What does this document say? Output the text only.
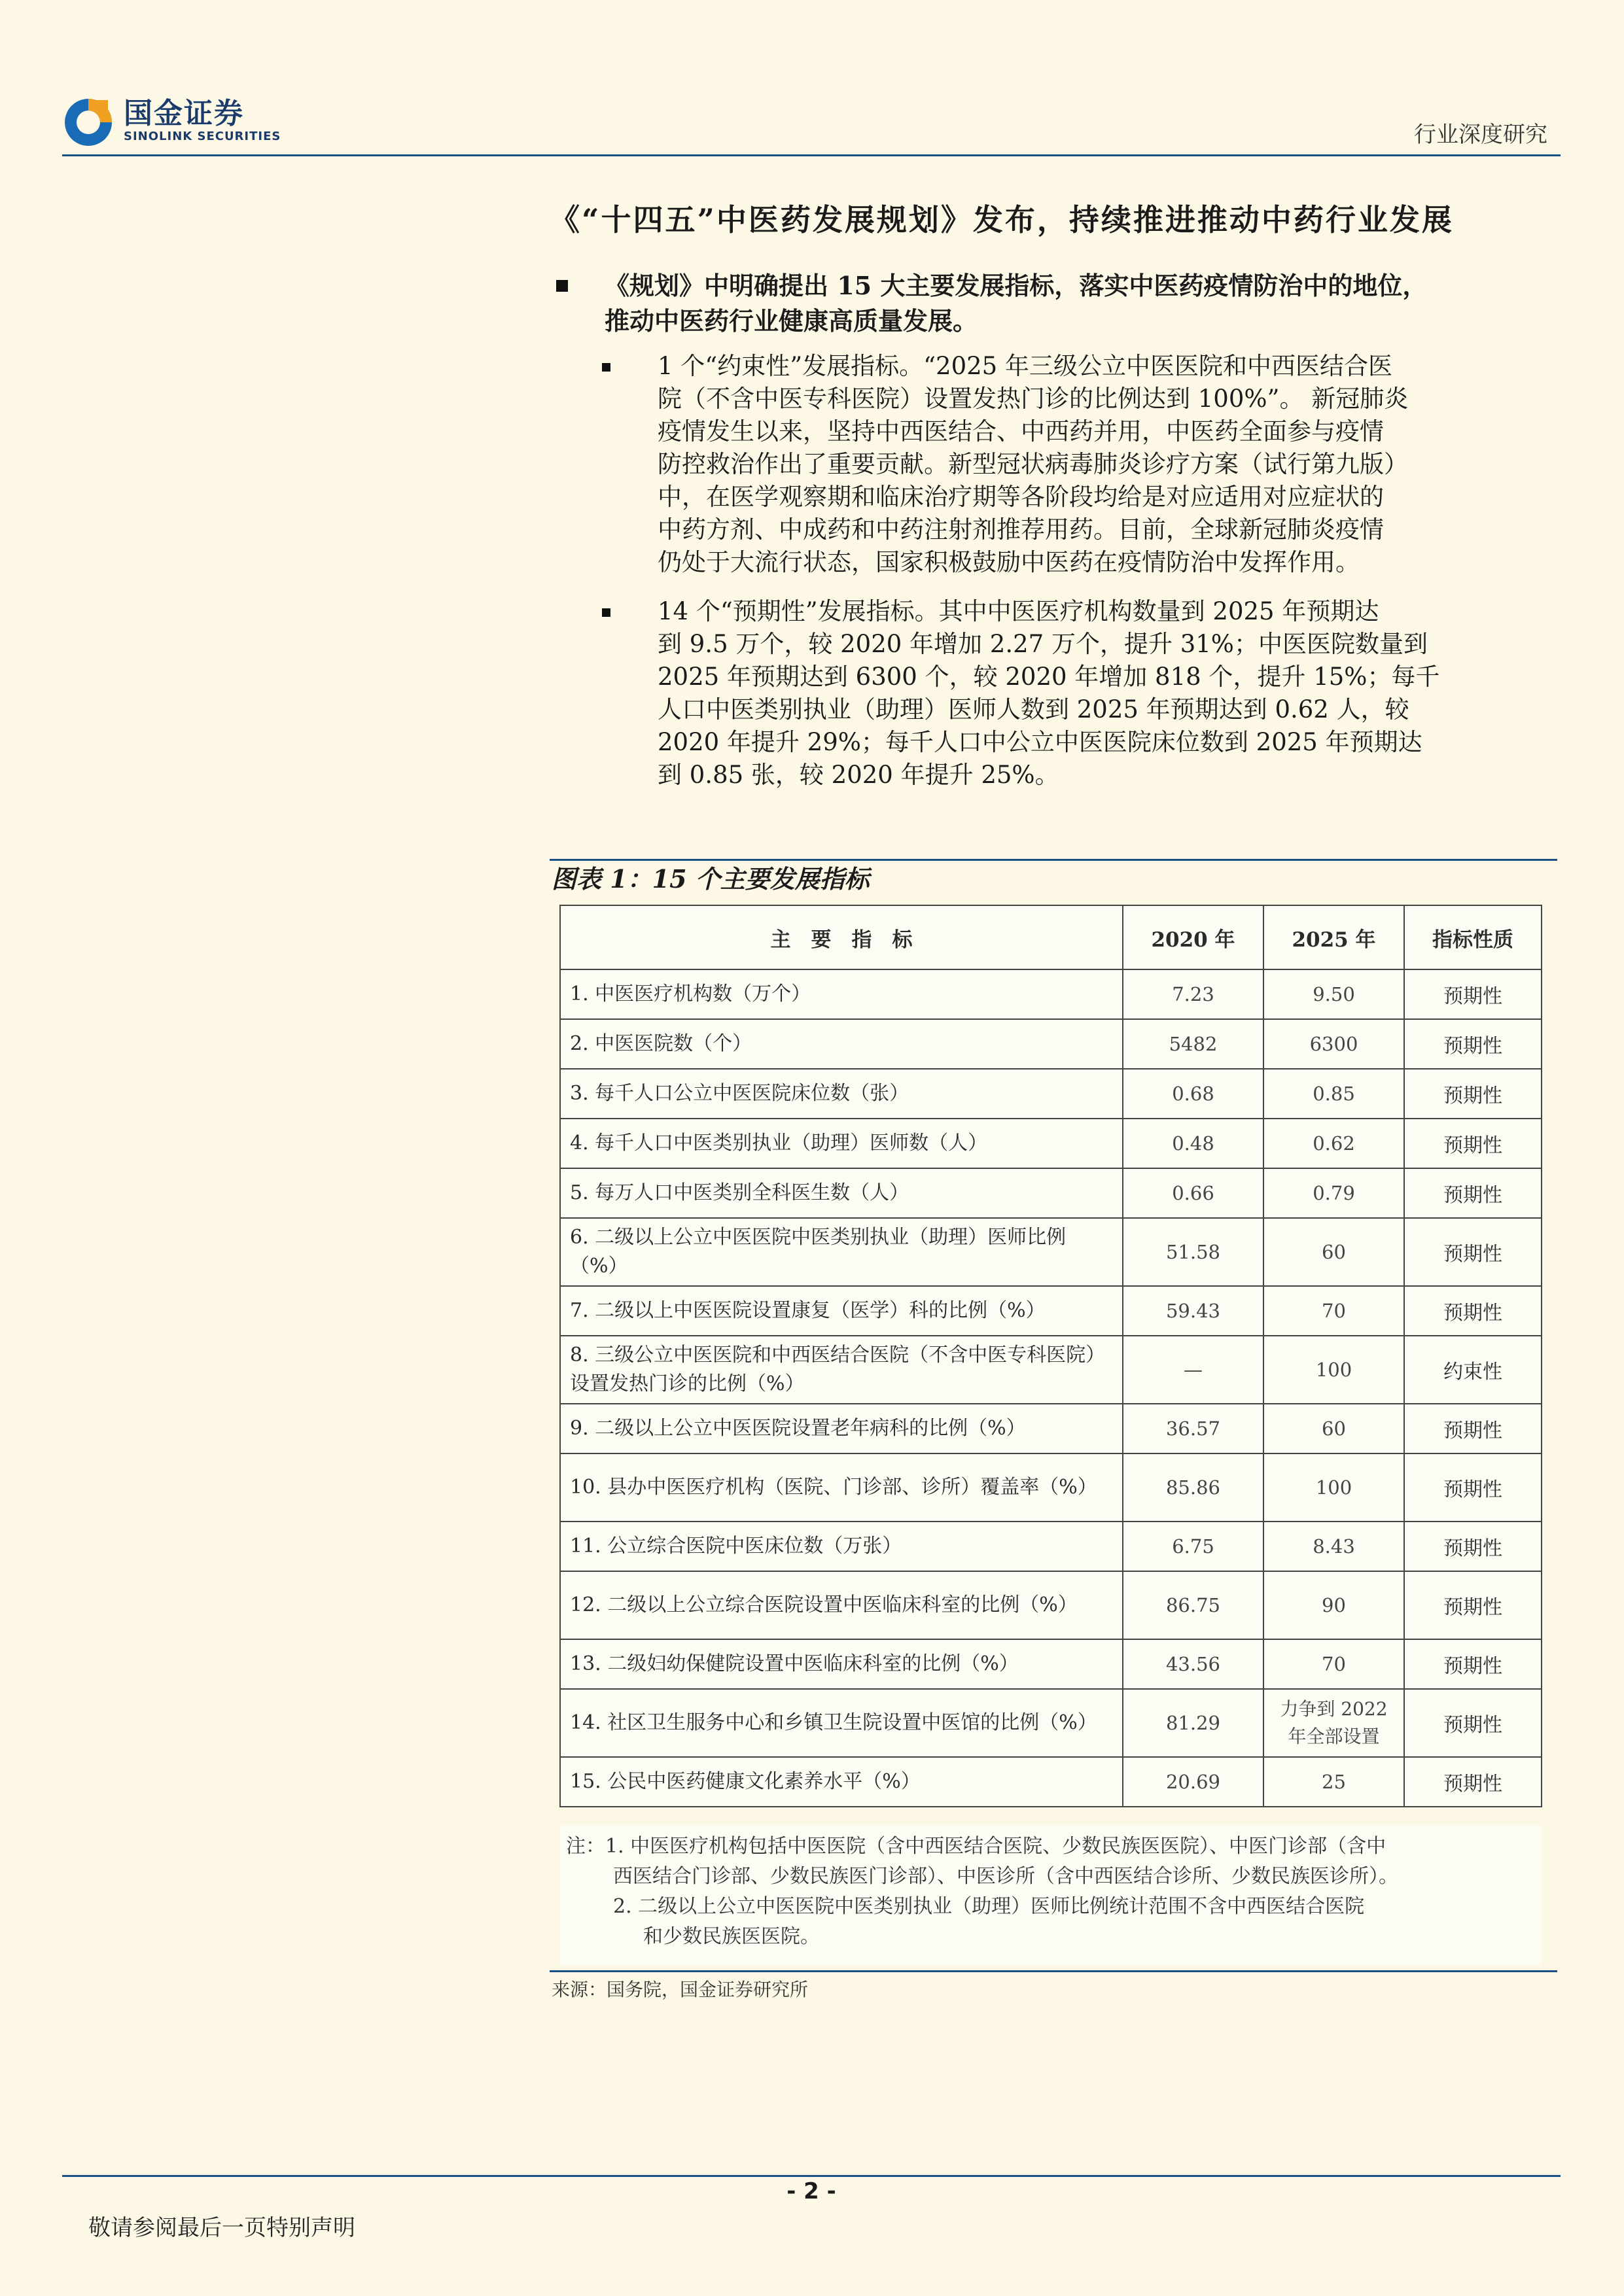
国金证券
SINOLINK SECURITIES	行业深度研究
《“十四五”中医药发展规划》发布，持续推进推动中药行业发展
《规划》中明确提出 15 大主要发展指标，落实中医药疫情防治中的地位，
推动中医药行业健康高质量发展。
1 个“约束性”发展指标。“2025 年三级公立中医医院和中西医结合医
院（不含中医专科医院）设置发热门诊的比例达到 100%”。 新冠肺炎
疫情发生以来，坚持中西医结合、中西药并用，中医药全面参与疫情
防控救治作出了重要贡献。新型冠状病毒肺炎诊疗方案（试行第九版）
中，在医学观察期和临床治疗期等各阶段均给是对应适用对应症状的
中药方剂、中成药和中药注射剂推荐用药。目前，全球新冠肺炎疫情
仍处于大流行状态，国家积极鼓励中医药在疫情防治中发挥作用。
14 个“预期性”发展指标。其中中医医疗机构数量到 2025 年预期达
到 9.5 万个，较 2020 年增加 2.27 万个，提升 31%；中医医院数量到
2025 年预期达到 6300 个，较 2020 年增加 818 个，提升 15%；每千
人口中医类别执业（助理）医师人数到 2025 年预期达到 0.62 人，较
2020 年提升 29%；每千人口中公立中医医院床位数到 2025 年预期达
到 0.85 张，较 2020 年提升 25%。
图表 1：15 个主要发展指标
主　要　指　标	2020 年	2025 年	指标性质
1. 中医医疗机构数（万个）	7.23	9.50	预期性
2. 中医医院数（个）	5482	6300	预期性
3. 每千人口公立中医医院床位数（张）	0.68	0.85	预期性
4. 每千人口中医类别执业（助理）医师数（人）	0.48	0.62	预期性
5. 每万人口中医类别全科医生数（人）	0.66	0.79	预期性
6. 二级以上公立中医医院中医类别执业（助理）医师比例（%）	51.58	60	预期性
7. 二级以上中医医院设置康复（医学）科的比例（%）	59.43	70	预期性
8. 三级公立中医医院和中西医结合医院（不含中医专科医院）设置发热门诊的比例（%）	—	100	约束性
9. 二级以上公立中医医院设置老年病科的比例（%）	36.57	60	预期性
10. 县办中医医疗机构（医院、门诊部、诊所）覆盖率（%）	85.86	100	预期性
11. 公立综合医院中医床位数（万张）	6.75	8.43	预期性
12. 二级以上公立综合医院设置中医临床科室的比例（%）	86.75	90	预期性
13. 二级妇幼保健院设置中医临床科室的比例（%）	43.56	70	预期性
14. 社区卫生服务中心和乡镇卫生院设置中医馆的比例（%）	81.29	力争到 2022 年全部设置	预期性
15. 公民中医药健康文化素养水平（%）	20.69	25	预期性
注：1. 中医医疗机构包括中医医院（含中西医结合医院、少数民族医医院）、中医门诊部（含中
西医结合门诊部、少数民族医门诊部）、中医诊所（含中西医结合诊所、少数民族医诊所）。
2. 二级以上公立中医医院中医类别执业（助理）医师比例统计范围不含中西医结合医院
和少数民族医医院。
来源：国务院，国金证券研究所
- 2 -
敬请参阅最后一页特别声明
